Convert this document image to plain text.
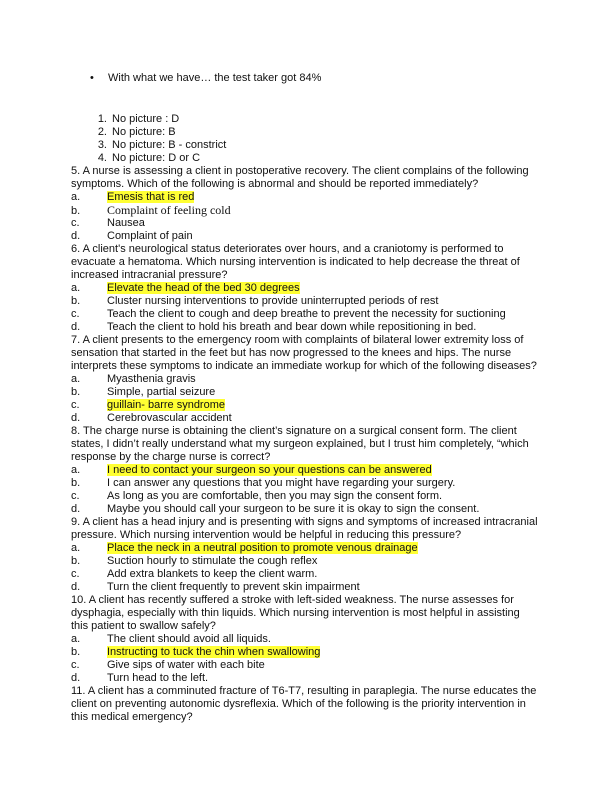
• With what we have… the test taker got 84%
1. No picture : D
2. No picture: B
3. No picture: B - constrict
4. No picture: D or C
5. A nurse is assessing a client in postoperative recovery. The client complains of the following
symptoms. Which of the following is abnormal and should be reported immediately?
a. Emesis that is red
b. Complaint of feeling cold
c. Nausea
d. Complaint of pain
6. A client's neurological status deteriorates over hours, and a craniotomy is performed to
evacuate a hematoma. Which nursing intervention is indicated to help decrease the threat of
increased intracranial pressure?
a. Elevate the head of the bed 30 degrees
b. Cluster nursing interventions to provide uninterrupted periods of rest
c. Teach the client to cough and deep breathe to prevent the necessity for suctioning
d. Teach the client to hold his breath and bear down while repositioning in bed.
7. A client presents to the emergency room with complaints of bilateral lower extremity loss of
sensation that started in the feet but has now progressed to the knees and hips. The nurse
interprets these symptoms to indicate an immediate workup for which of the following diseases?
a. Myasthenia gravis
b. Simple, partial seizure
c. guillain- barre syndrome
d. Cerebrovascular accident
8. The charge nurse is obtaining the client’s signature on a surgical consent form. The client
states, I didn’t really understand what my surgeon explained, but I trust him completely, “which
response by the charge nurse is correct?
a. I need to contact your surgeon so your questions can be answered
b. I can answer any questions that you might have regarding your surgery.
c. As long as you are comfortable, then you may sign the consent form.
d. Maybe you should call your surgeon to be sure it is okay to sign the consent.
9. A client has a head injury and is presenting with signs and symptoms of increased intracranial
pressure. Which nursing intervention would be helpful in reducing this pressure?
a. Place the neck in a neutral position to promote venous drainage
b. Suction hourly to stimulate the cough reflex
c. Add extra blankets to keep the client warm.
d. Turn the client frequently to prevent skin impairment
10. A client has recently suffered a stroke with left-sided weakness. The nurse assesses for
dysphagia, especially with thin liquids. Which nursing intervention is most helpful in assisting
this patient to swallow safely?
a. The client should avoid all liquids.
b. Instructing to tuck the chin when swallowing
c. Give sips of water with each bite
d. Turn head to the left.
11. A client has a comminuted fracture of T6-T7, resulting in paraplegia. The nurse educates the
client on preventing autonomic dysreflexia. Which of the following is the priority intervention in
this medical emergency?
